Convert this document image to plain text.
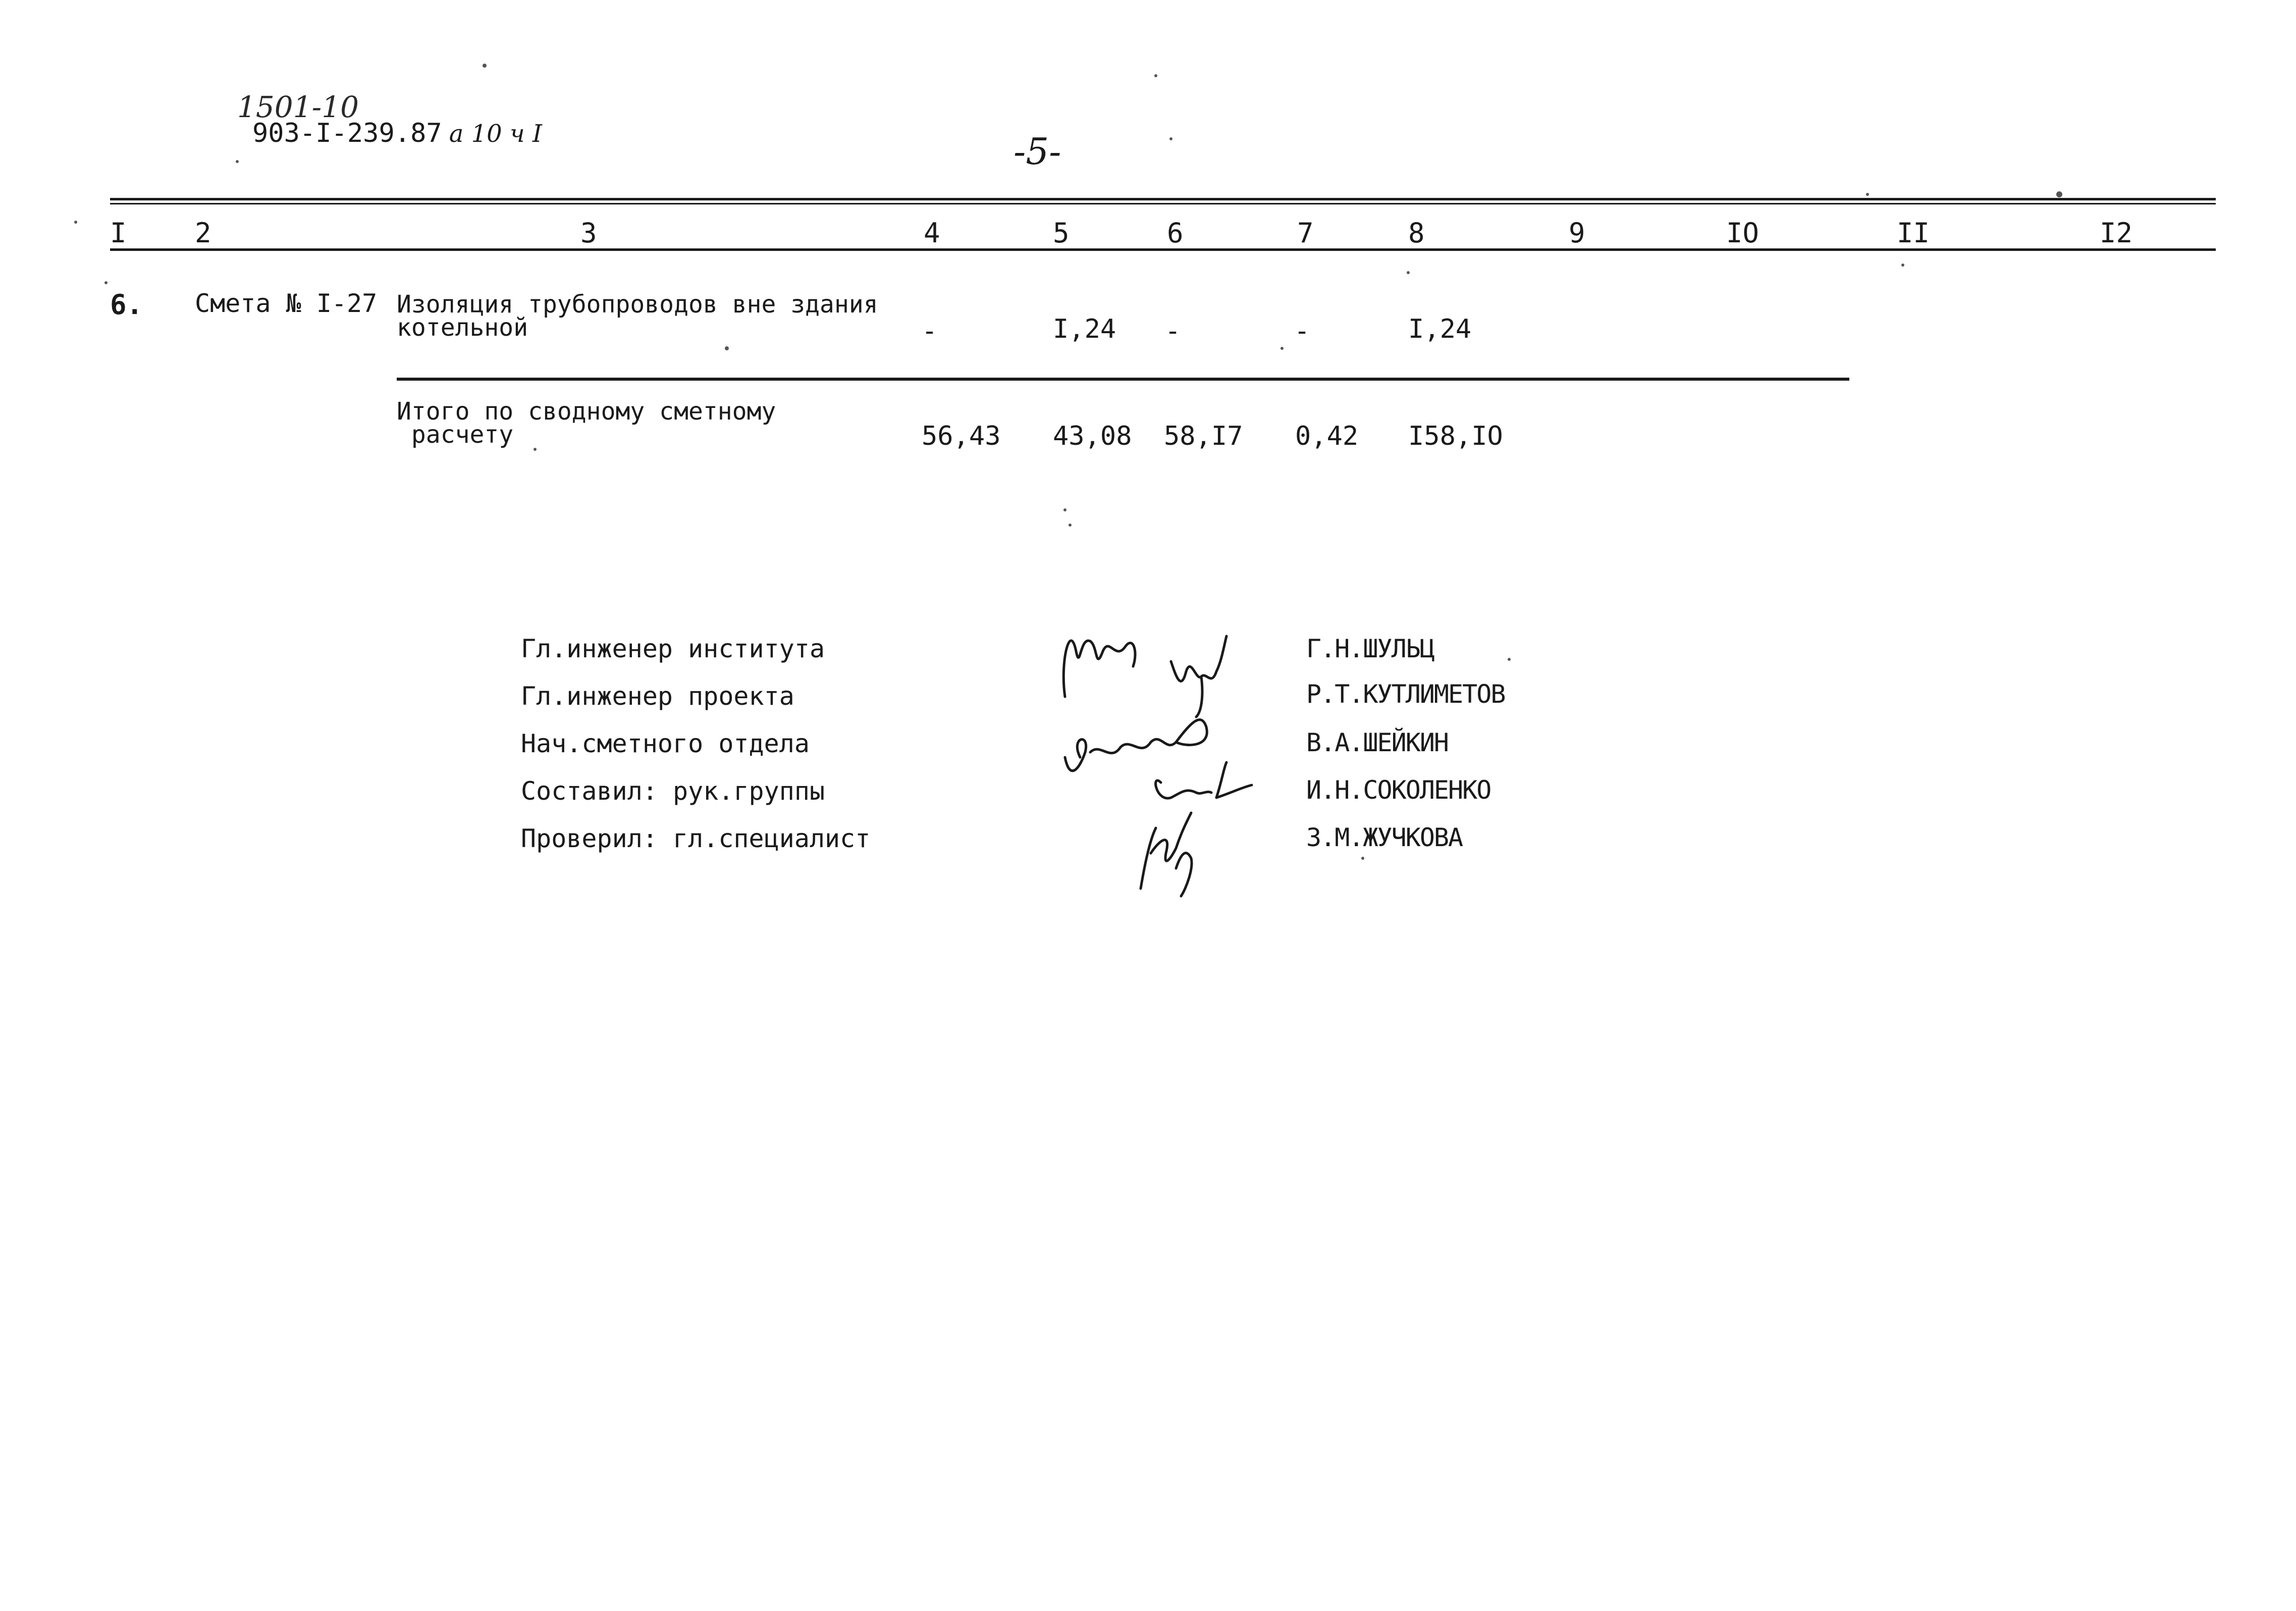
1501-10
903-I-239.87 а 10 ч I	-5-
I	2	3	4	5	6	7	8	9	IO	II	I2
6. Смета № I-27 Изоляция трубопроводов вне здания
котельной	-	I,24 -	-	I,24
Итого по сводному сметному
расчету	56,43 43,08 58,I7 0,42 I58,IO
Гл.инженер института
Гл.инженер проекта
Нач.сметного отдела
Составил: рук.группы
Проверил: гл.специалист
Г.Н.ШУЛЬЦ
Р.Т.КУТЛИМЕТОВ
В.А.ШЕЙКИН
И.Н.СОКОЛЕНКО
З.М.ЖУЧКОВА
